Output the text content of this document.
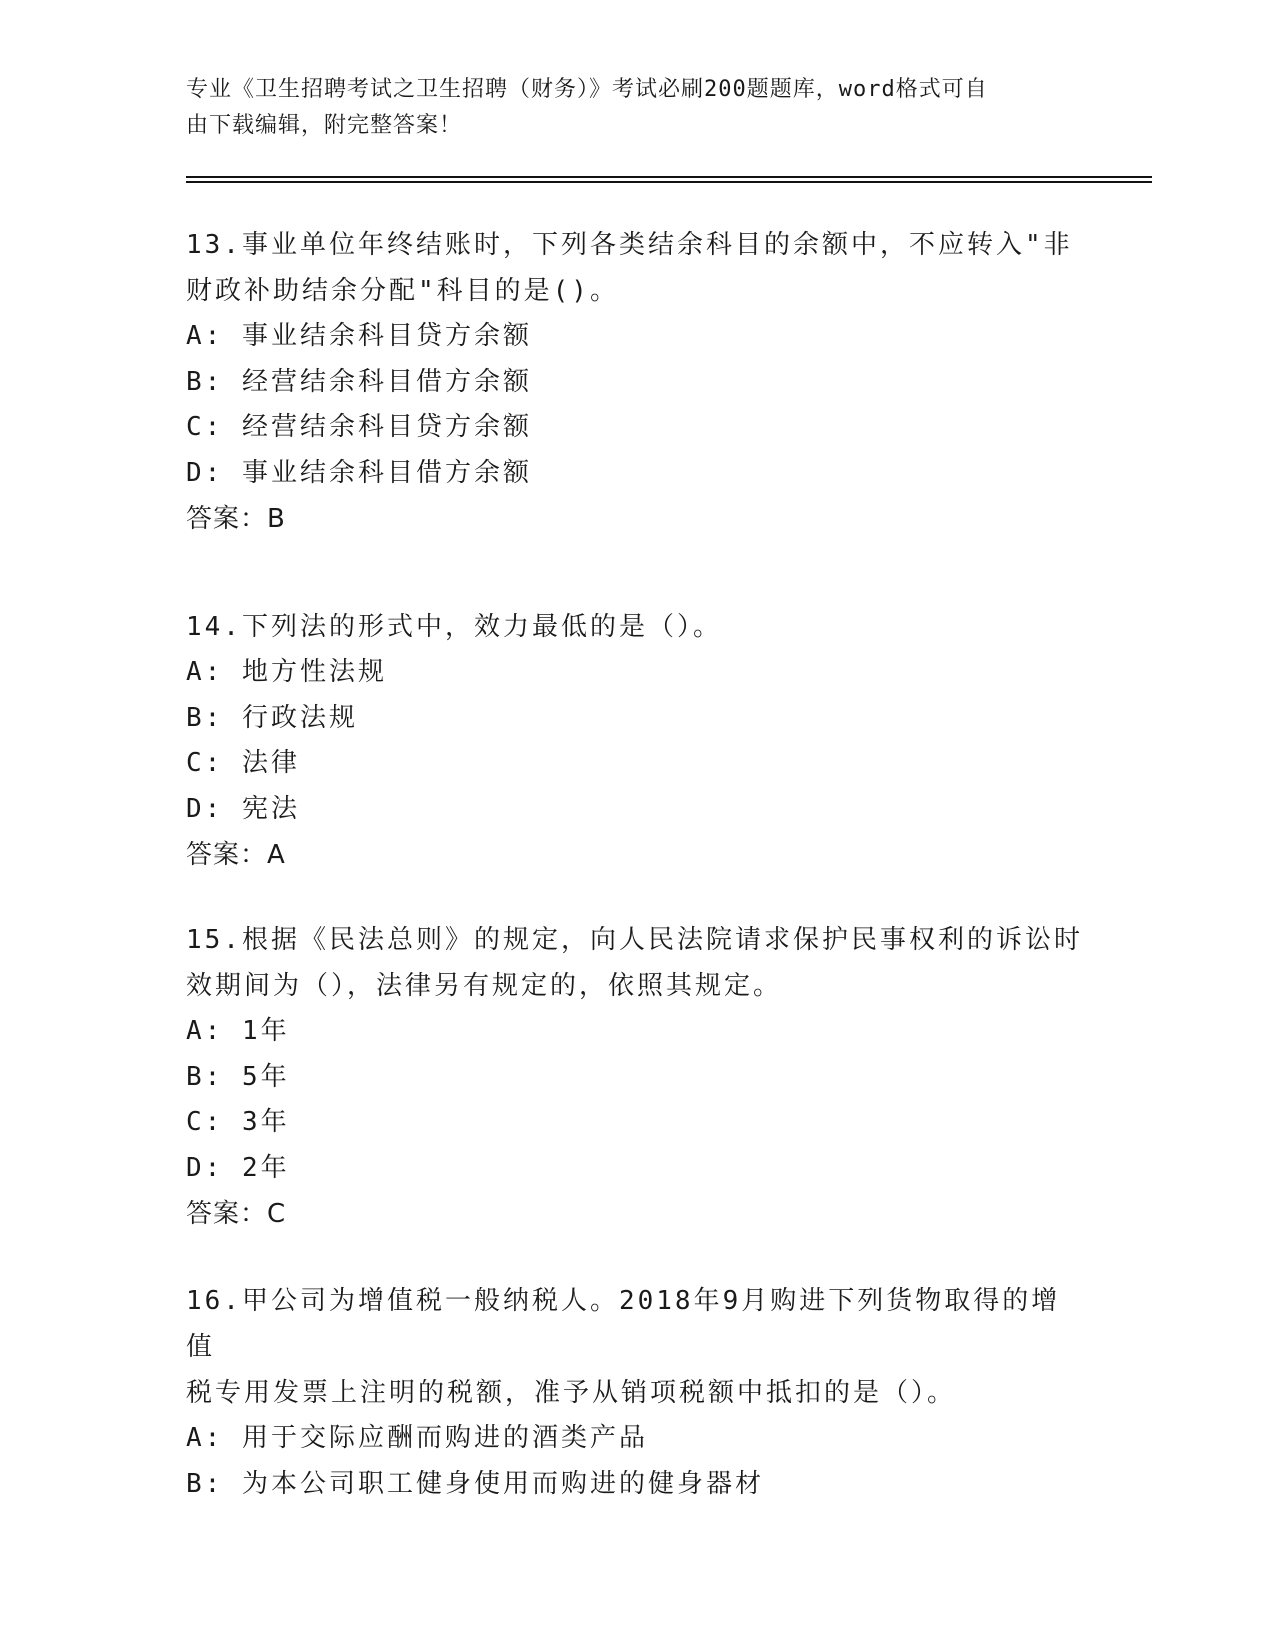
专业《卫生招聘考试之卫生招聘（财务）》考试必刷200题题库，word格式可自
由下载编辑，附完整答案！
13.事业单位年终结账时，下列各类结余科目的余额中，不应转入"非
财政补助结余分配"科目的是()。
A: 事业结余科目贷方余额
B: 经营结余科目借方余额
C: 经营结余科目贷方余额
D: 事业结余科目借方余额
答案：B
14.下列法的形式中，效力最低的是（）。
A: 地方性法规
B: 行政法规
C: 法律
D: 宪法
答案：A
15.根据《民法总则》的规定，向人民法院请求保护民事权利的诉讼时
效期间为（），法律另有规定的，依照其规定。
A: 1年
B: 5年
C: 3年
D: 2年
答案：C
16.甲公司为增值税一般纳税人。2018年9月购进下列货物取得的增值
税专用发票上注明的税额，准予从销项税额中抵扣的是（）。
A: 用于交际应酬而购进的酒类产品
B: 为本公司职工健身使用而购进的健身器材
